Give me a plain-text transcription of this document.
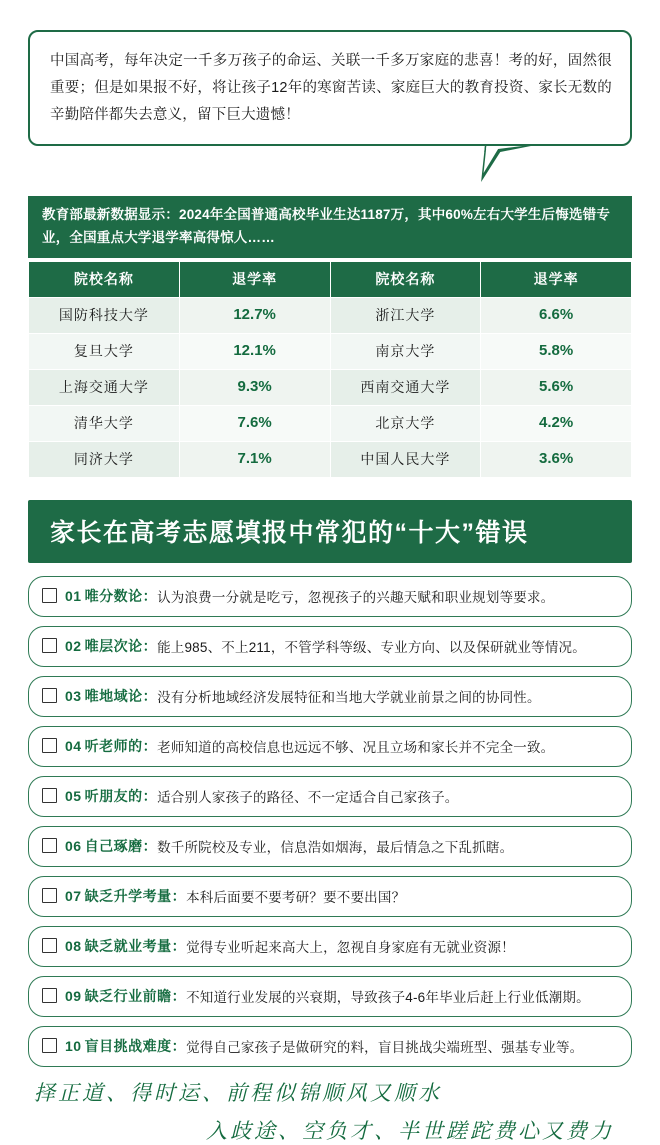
中国高考，每年决定一千多万孩子的命运、关联一千多万家庭的悲喜！考的好，固然很重要；但是如果报不好，将让孩子12年的寒窗苦读、家庭巨大的教育投资、家长无数的辛勤陪伴都失去意义，留下巨大遗憾！
教育部最新数据显示：2024年全国普通高校毕业生达1187万，其中60%左右大学生后悔选错专业，全国重点大学退学率高得惊人……
院校名称	退学率	院校名称	退学率
国防科技大学	12.7%	浙江大学	6.6%
复旦大学	12.1%	南京大学	5.8%
上海交通大学	9.3%	西南交通大学	5.6%
清华大学	7.6%	北京大学	4.2%
同济大学	7.1%	中国人民大学	3.6%
家长在高考志愿填报中常犯的“十大”错误
01 唯分数论： 认为浪费一分就是吃亏，忽视孩子的兴趣天赋和职业规划等要求。
02 唯层次论： 能上985、不上211，不管学科等级、专业方向、以及保研就业等情况。
03 唯地域论： 没有分析地域经济发展特征和当地大学就业前景之间的协同性。
04 听老师的： 老师知道的高校信息也远远不够、况且立场和家长并不完全一致。
05 听朋友的： 适合别人家孩子的路径、不一定适合自己家孩子。
06 自己琢磨： 数千所院校及专业，信息浩如烟海，最后情急之下乱抓瞎。
07 缺乏升学考量： 本科后面要不要考研？要不要出国？
08 缺乏就业考量： 觉得专业听起来高大上，忽视自身家庭有无就业资源！
09 缺乏行业前瞻： 不知道行业发展的兴衰期，导致孩子4-6年毕业后赶上行业低潮期。
10 盲目挑战难度： 觉得自己家孩子是做研究的料，盲目挑战尖端班型、强基专业等。
择正道、得时运、前程似锦顺风又顺水
入歧途、空负才、半世蹉跎费心又费力
